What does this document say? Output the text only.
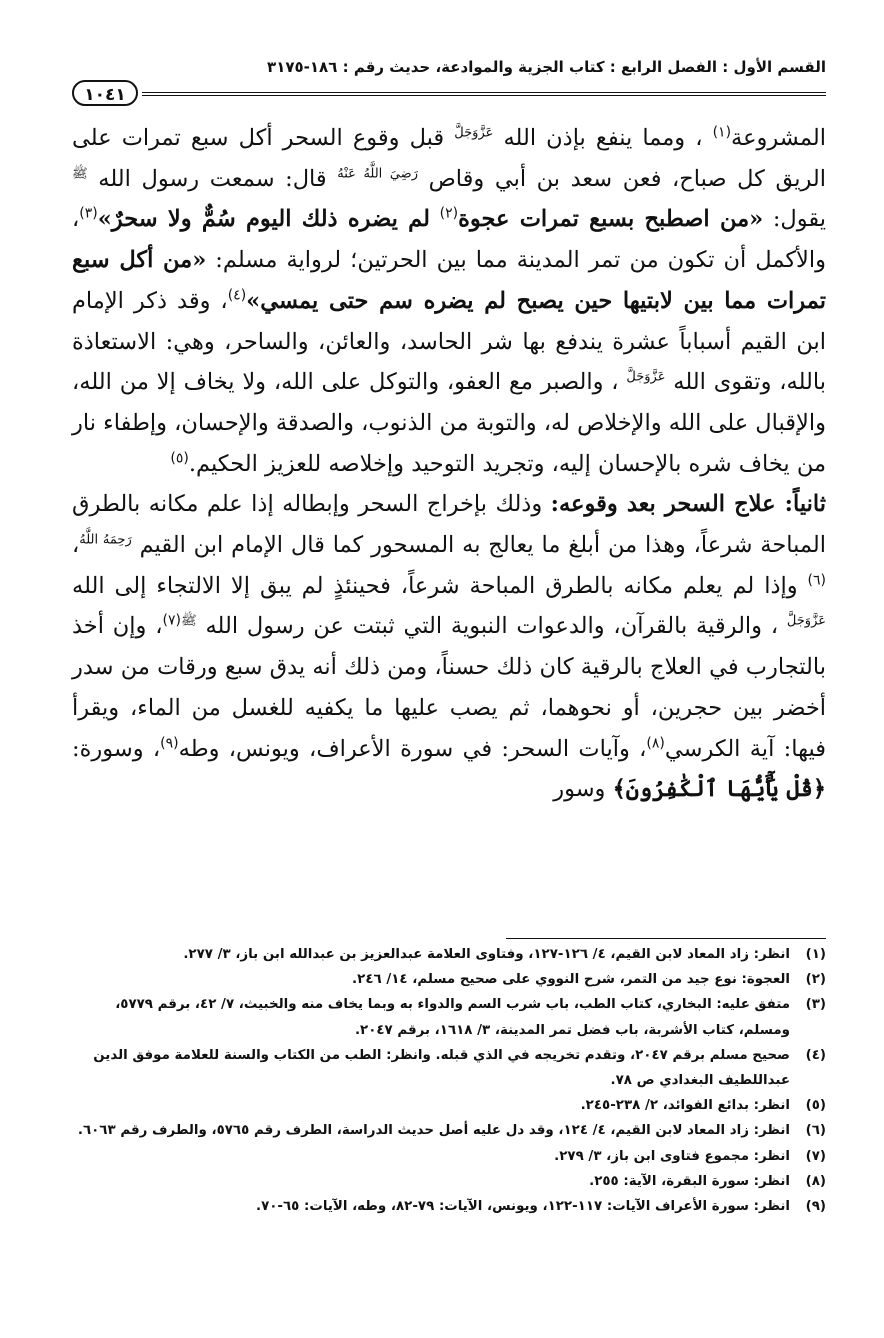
القسم الأول : الفصل الرابع : كتاب الجزية والموادعة، حديث رقم : ١٨٦-٣١٧٥
١٠٤١

المشروعة$^{(١)}$ ، ومما ينفع بإذن الله $^{عَزَّوَجَلَّ}$ قبل وقوع السحر أكل سبع تمرات على الريق كل صباح، فعن سعد بن أبي وقاص $^{رَضِيَ اللَّهُ عَنْهُ}$ قال: سمعت رسول الله $^ﷺ$ يقول: «من اصطبح بسبع تمرات عجوة$^{(٢)}$ لم يضره ذلك اليوم سُمٌّ ولا سحرٌ»$^{(٣)}$، والأكمل أن تكون من تمر المدينة مما بين الحرتين؛ لرواية مسلم: «من أكل سبع تمرات مما بين لابتيها حين يصبح لم يضره سم حتى يمسي»$^{(٤)}$، وقد ذكر الإمام ابن القيم أسباباً عشرة يندفع بها شر الحاسد، والعائن، والساحر، وهي: الاستعاذة بالله، وتقوى الله $^{عَزَّوَجَلَّ}$ ، والصبر مع العفو، والتوكل على الله، ولا يخاف إلا من الله، والإقبال على الله والإخلاص له، والتوبة من الذنوب، والصدقة والإحسان، وإطفاء نار من يخاف شره بالإحسان إليه، وتجريد التوحيد وإخلاصه للعزيز الحكيم.$^{(٥)}$

ثانياً: علاج السحر بعد وقوعه: وذلك بإخراج السحر وإبطاله إذا علم مكانه بالطرق المباحة شرعاً، وهذا من أبلغ ما يعالج به المسحور كما قال الإمام ابن القيم $^{رَحِمَهُ اللَّهُ}$،$^{(٦)}$ وإذا لم يعلم مكانه بالطرق المباحة شرعاً، فحينئذٍ لم يبق إلا الالتجاء إلى الله $^{عَزَّوَجَلَّ}$ ، والرقية بالقرآن، والدعوات النبوية التي ثبتت عن رسول الله $^{ﷺ(٧)}$، وإن أخذ بالتجارب في العلاج بالرقية كان ذلك حسناً، ومن ذلك أنه يدق سبع ورقات من سدر أخضر بين حجرين، أو نحوهما، ثم يصب عليها ما يكفيه للغسل من الماء، ويقرأ فيها: آية الكرسي$^{(٨)}$، وآيات السحر: في سورة الأعراف، ويونس، وطه$^{(٩)}$، وسورة: ﴿قُلْ يَٰٓأَيُّهَا ٱلْكَٰفِرُونَ﴾ وسور

(١)
انظر: زاد المعاد لابن القيم، ٤/ ١٢٦-١٢٧، وفتاوى العلامة عبدالعزيز بن عبدالله ابن باز، ٣/ ٢٧٧.
(٢)
العجوة: نوع جيد من التمر، شرح النووي على صحيح مسلم، ١٤/ ٢٤٦.
(٣)
متفق عليه: البخاري، كتاب الطب، باب شرب السم والدواء به وبما يخاف منه والخبيث، ٧/ ٤٢، برقم ٥٧٧٩، ومسلم، كتاب الأشربة، باب فضل تمر المدينة، ٣/ ١٦١٨، برقم ٢٠٤٧.
(٤)
صحيح مسلم برقم ٢٠٤٧، وتقدم تخريجه في الذي قبله. وانظر: الطب من الكتاب والسنة للعلامة موفق الدين عبداللطيف البغدادي ص ٧٨.
(٥)
انظر: بدائع الفوائد، ٢/ ٢٣٨-٢٤٥.
(٦)
انظر: زاد المعاد لابن القيم، ٤/ ١٢٤، وقد دل عليه أصل حديث الدراسة، الطرف رقم ٥٧٦٥، والطرف رقم ٦٠٦٣.
(٧)
انظر: مجموع فتاوى ابن باز، ٣/ ٢٧٩.
(٨)
انظر: سورة البقرة، الآية: ٢٥٥.
(٩)
انظر: سورة الأعراف الآيات: ١١٧-١٢٢، ويونس، الآيات: ٧٩-٨٢، وطه، الآيات: ٦٥-٧٠.
